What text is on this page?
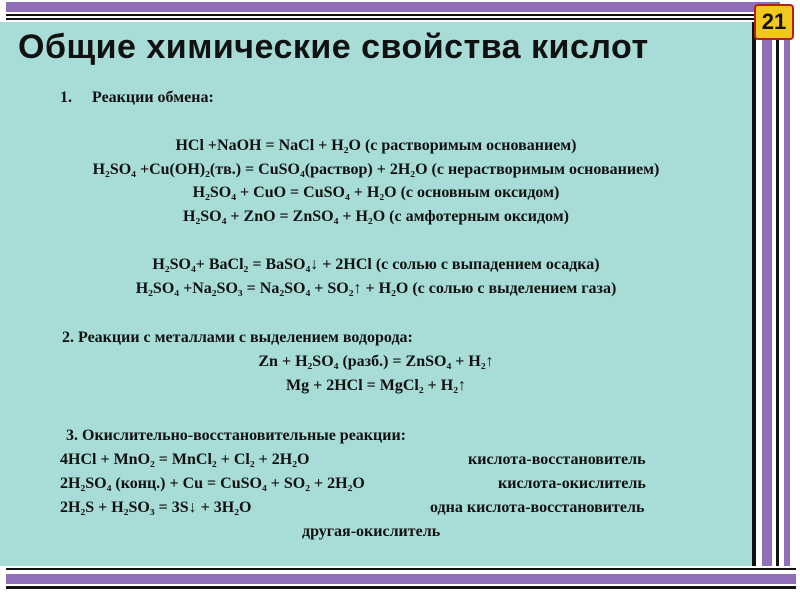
21
Общие химические свойства кислот
1. Реакции обмена:
HCl +NaOH = NaCl + H₂O (с растворимым основанием)
H₂SO₄ +Cu(OH)₂(тв.) = CuSO₄(раствор) + 2H₂O (с нерастворимым основанием)
H₂SO₄ + CuO = CuSO₄ + H₂O (с основным оксидом)
H₂SO₄ + ZnO = ZnSO₄ + H₂O (с амфотерным оксидом)
H₂SO₄+ BaCl₂ = BaSO₄↓ + 2HCl (с солью с выпадением осадка)
H₂SO₄ +Na₂SO₃ = Na₂SO₄ + SO₂↑ + H₂O (с солью с выделением газа)
2. Реакции с металлами с выделением водорода:
Zn + H₂SO₄ (разб.) = ZnSO₄ + H₂↑
Mg + 2HCl = MgCl₂ + H₂↑
3. Окислительно-восстановительные реакции:
4HCl + MnO₂ = MnCl₂ + Cl₂ + 2H₂O	кислота-восстановитель
2H₂SO₄ (конц.) + Cu = CuSO₄ + SO₂ + 2H₂O	кислота-окислитель
2H₂S + H₂SO₃ = 3S↓ + 3H₂O	одна кислота-восстановитель
другая-окислитель
